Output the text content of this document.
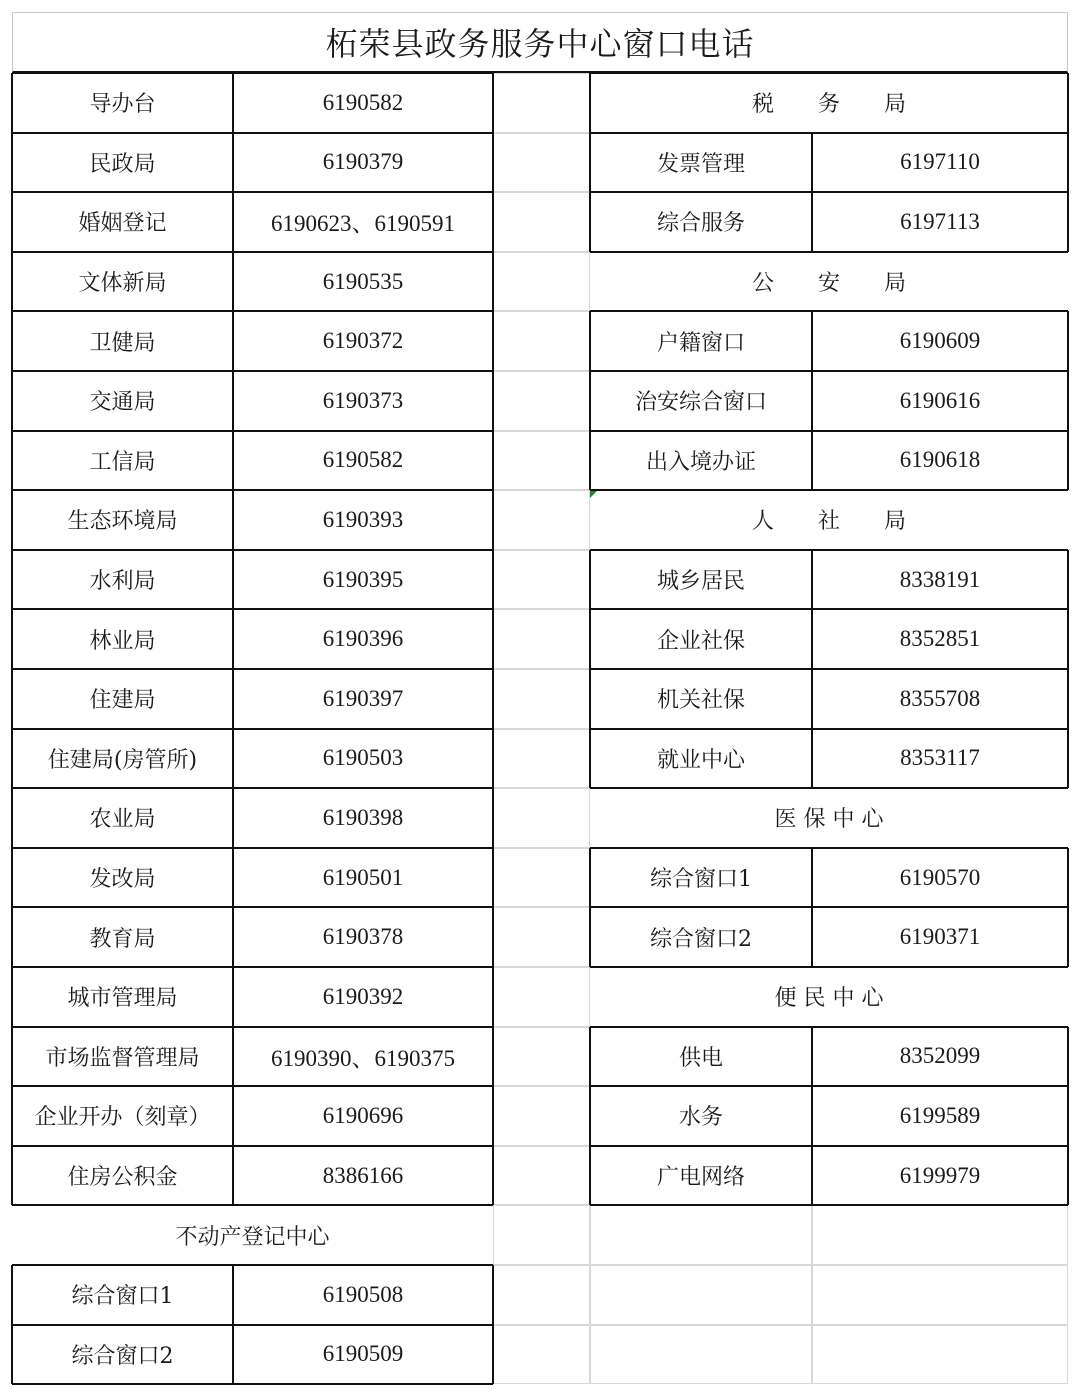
柘荣县政务服务中心窗口电话
导办台	6190582
民政局	6190379
婚姻登记	6190623、6190591
文体新局	6190535
卫健局	6190372
交通局	6190373
工信局	6190582
生态环境局	6190393
水利局	6190395
林业局	6190396
住建局	6190397
住建局(房管所)	6190503
农业局	6190398
发改局	6190501
教育局	6190378
城市管理局	6190392
市场监督管理局	6190390、6190375
企业开办（刻章）	6190696
住房公积金	8386166
不动产登记中心
综合窗口1	6190508
综合窗口2	6190509
税　　务　　局
发票管理	6197110
综合服务	6197113
公　　安　　局
户籍窗口	6190609
治安综合窗口	6190616
出入境办证	6190618
人　　社　　局
城乡居民	8338191
企业社保	8352851
机关社保	8355708
就业中心	8353117
医 保 中 心
综合窗口1	6190570
综合窗口2	6190371
便 民 中 心
供电	8352099
水务	6199589
广电网络	6199979
